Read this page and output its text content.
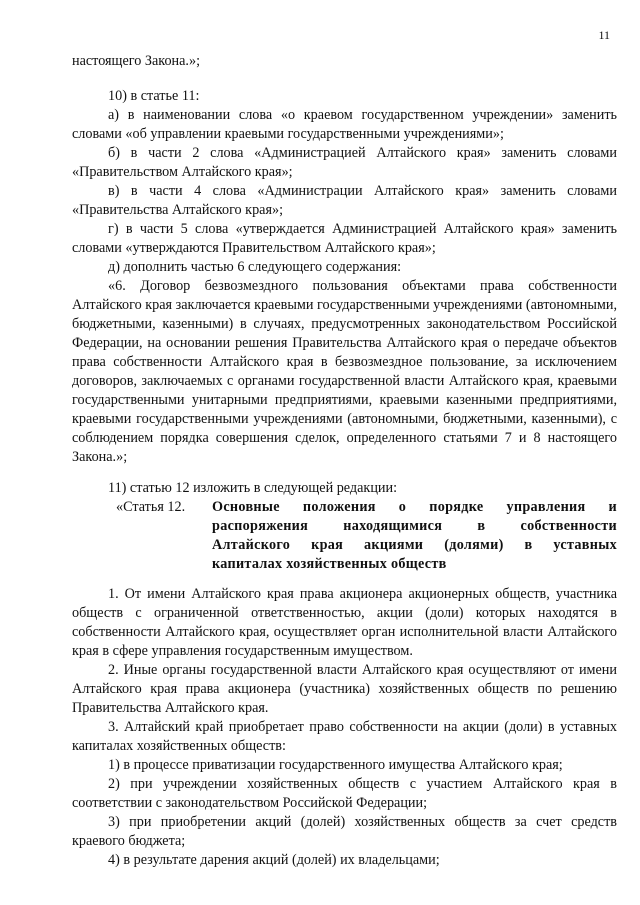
11

настоящего Закона.»;

10) в статье 11:

а) в наименовании слова «о краевом государственном учреждении» заменить словами «об управлении краевыми государственными учреждениями»;

б) в части 2 слова «Администрацией Алтайского края» заменить словами «Правительством Алтайского края»;

в) в части 4 слова «Администрации Алтайского края» заменить словами «Правительства Алтайского края»;

г) в части 5 слова «утверждается Администрацией Алтайского края» заменить словами «утверждаются Правительством Алтайского края»;

д) дополнить частью 6 следующего содержания:

«6. Договор безвозмездного пользования объектами права собственности Алтайского края заключается краевыми государственными учреждениями (автономными, бюджетными, казенными) в случаях, предусмотренных законодательством Российской Федерации, на основании решения Правительства Алтайского края о передаче объектов права собственности Алтайского края в безвозмездное пользование, за исключением договоров, заключаемых с органами государственной власти Алтайского края, краевыми государственными унитарными предприятиями, краевыми казенными предприятиями, краевыми государственными учреждениями (автономными, бюджетными, казенными), с соблюдением порядка совершения сделок, определенного статьями 7 и 8 настоящего Закона.»;

11) статью 12 изложить в следующей редакции:

«Статья 12.	Основные положения о порядке управления и
распоряжения находящимися в собственности
Алтайского края акциями (долями) в уставных
капиталах хозяйственных обществ

1. От имени Алтайского края права акционера акционерных обществ, участника обществ с ограниченной ответственностью, акции (доли) которых находятся в собственности Алтайского края, осуществляет орган исполнительной власти Алтайского края в сфере управления государственным имуществом.

2. Иные органы государственной власти Алтайского края осуществляют от имени Алтайского края права акционера (участника) хозяйственных обществ по решению Правительства Алтайского края.

3. Алтайский край приобретает право собственности на акции (доли) в уставных капиталах хозяйственных обществ:

1) в процессе приватизации государственного имущества Алтайского края;

2) при учреждении хозяйственных обществ с участием Алтайского края в соответствии с законодательством Российской Федерации;

3) при приобретении акций (долей) хозяйственных обществ за счет средств краевого бюджета;

4) в результате дарения акций (долей) их владельцами;
